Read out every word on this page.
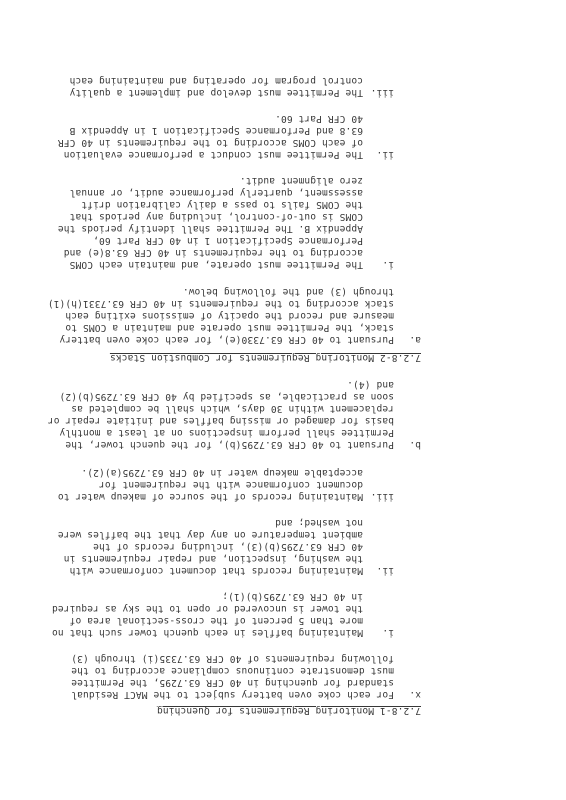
7.2.8-1 Monitoring Requirements for Quenching
x.
For each coke oven battery subject to the MACT Residual
standard for quenching in 40 CFR 63.7295, the Permittee
must demonstrate continuous compliance according to the
following requirements of 40 CFR 63.7335(i) through (3)
i.
Maintaining baffles in each quench tower such that no
more than 5 percent of the cross-sectional area of
the tower is uncovered or open to the sky as required
in 40 CFR 63.7295(b)(1);
ii.
Maintaining records that document conformance with
the washing, inspection, and repair requirements in
40 CFR 63.7295(b)(3), including records of the
ambient temperature on any day that the baffles were
not washed; and
iii.
Maintaining records of the source of makeup water to
document conformance with the requirement for
acceptable makeup water in 40 CFR 63.7295(a)(2).
b.
Pursuant to 40 CFR 63.7295(b), for the quench tower, the
Permittee shall perform inspections on at least a monthly
basis for damaged or missing baffles and initiate repair or
replacement within 30 days, which shall be completed as
soon as practicable, as specified by 40 CFR 63.7295(b)(2)
and (4).
7.2.8-2 Monitoring Requirements for Combustion Stacks
a.
Pursuant to 40 CFR 63.7330(e), for each coke oven battery
stack, the Permittee must operate and maintain a COMS to
measure and record the opacity of emissions exiting each
stack according to the requirements in 40 CFR 63.7331(h)(1)
through (3) and the following below.
i.
The Permittee must operate, and maintain each COMS
according to the requirements in 40 CFR 63.8(e) and
Performance Specification 1 in 40 CFR Part 60,
Appendix B. The Permittee shall identify periods the
COMS is out-of-control, including any periods that
the COMS fails to pass a daily calibration drift
assessment, quarterly performance audit, or annual
zero alignment audit.
ii.
The Permittee must conduct a performance evaluation
of each COMS according to the requirements in 40 CFR
63.8 and Performance Specification 1 in Appendix B
40 CFR Part 60.
iii.
The Permittee must develop and implement a quality
control program for operating and maintaining each
